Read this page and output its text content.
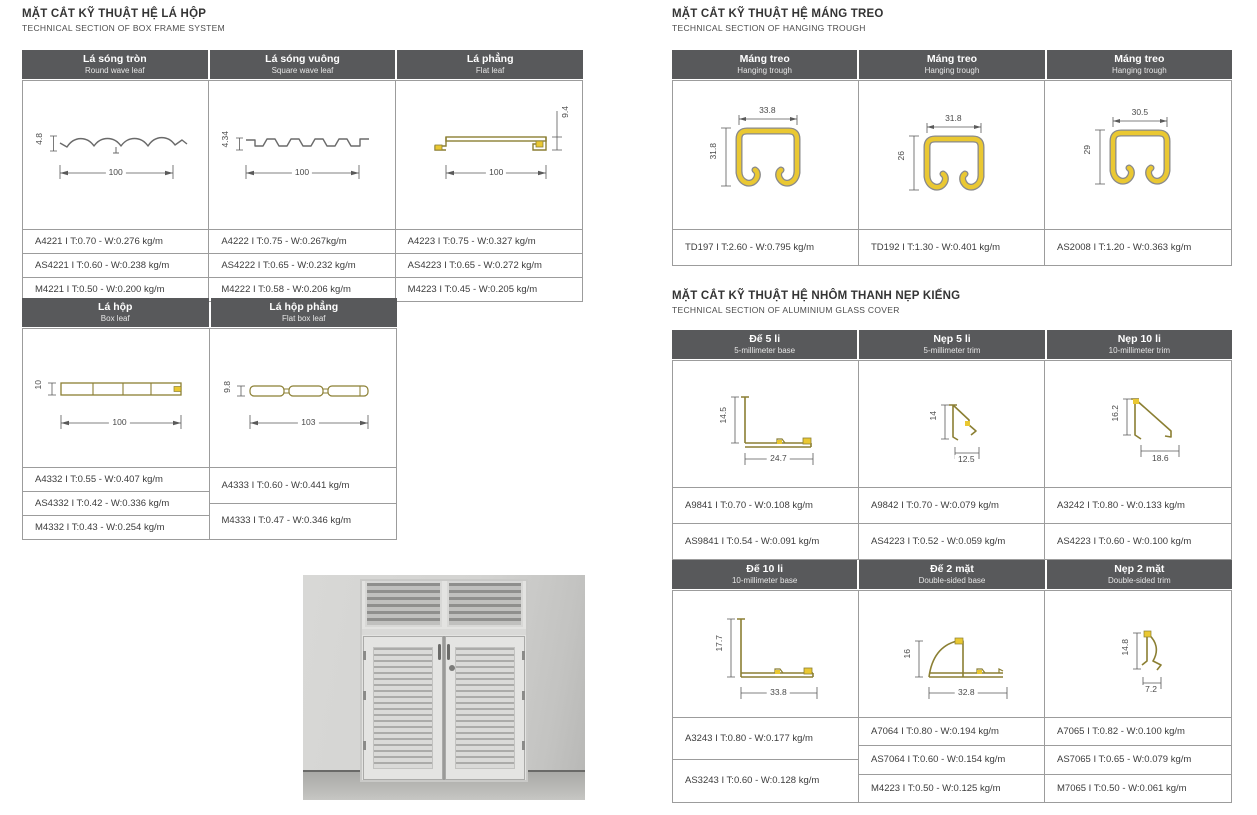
MẶT CẮT KỸ THUẬT HỆ LÁ HỘP
TECHNICAL SECTION OF BOX FRAME SYSTEM
Lá sóng tròn
Round wave leaf
Lá sóng vuông
Square wave leaf
Lá phẳng
Flat leaf
4.8
100
A4221 I T:0.70 - W:0.276 kg/m
AS4221 I T:0.60 - W:0.238 kg/m
M4221 I T:0.50 - W:0.200 kg/m
4.34
100
A4222 I T:0.75 - W:0.267kg/m
AS4222 I T:0.65 - W:0.232 kg/m
M4222 I T:0.58 - W:0.206 kg/m
9.4
100
A4223 I T:0.75 - W:0.327 kg/m
AS4223 I T:0.65 - W:0.272 kg/m
M4223 I T:0.45 - W:0.205 kg/m
Lá hộp
Box leaf
Lá hộp phẳng
Flat box leaf
10
100
A4332 I T:0.55 - W:0.407 kg/m
AS4332 I T:0.42 - W:0.336 kg/m
M4332 I T:0.43 - W:0.254 kg/m
9.8
103
A4333 I T:0.60 - W:0.441 kg/m
M4333 I T:0.47 - W:0.346 kg/m
MẶT CẮT KỸ THUẬT HỆ MÁNG TREO
TECHNICAL SECTION OF HANGING TROUGH
Máng treo
Hanging trough
Máng treo
Hanging trough
Máng treo
Hanging trough
33.8
31.8
TD197 I T:2.60 - W:0.795 kg/m
31.8
26
TD192 I T:1.30 - W:0.401 kg/m
30.5
29
AS2008 I T:1.20 - W:0.363 kg/m
MẶT CẮT KỸ THUẬT HỆ NHÔM THANH NẸP KIẾNG
TECHNICAL SECTION OF ALUMINIUM GLASS COVER
Đế 5 li
5-millimeter base
Nẹp 5 li
5-millimeter trim
Nẹp 10 li
10-millimeter trim
14.5
24.7
A9841 I T:0.70 - W:0.108 kg/m
AS9841 I T:0.54 - W:0.091 kg/m
14
12.5
A9842 I T:0.70 - W:0.079 kg/m
AS4223 I T:0.52 - W:0.059 kg/m
16.2
18.6
A3242 I T:0.80 - W:0.133 kg/m
AS4223 I T:0.60 - W:0.100 kg/m
Đế 10 li
10-millimeter base
Đế 2 mặt
Double-sided base
Nẹp 2 mặt
Double-sided trim
17.7
33.8
A3243 I T:0.80 - W:0.177 kg/m
AS3243 I T:0.60 - W:0.128 kg/m
16
32.8
A7064 I T:0.80 - W:0.194 kg/m
AS7064 I T:0.60 - W:0.154 kg/m
M4223 I T:0.50 - W:0.125 kg/m
14.8
7.2
A7065 I T:0.82 - W:0.100 kg/m
AS7065 I T:0.65 - W:0.079 kg/m
M7065 I T:0.50 - W:0.061 kg/m
